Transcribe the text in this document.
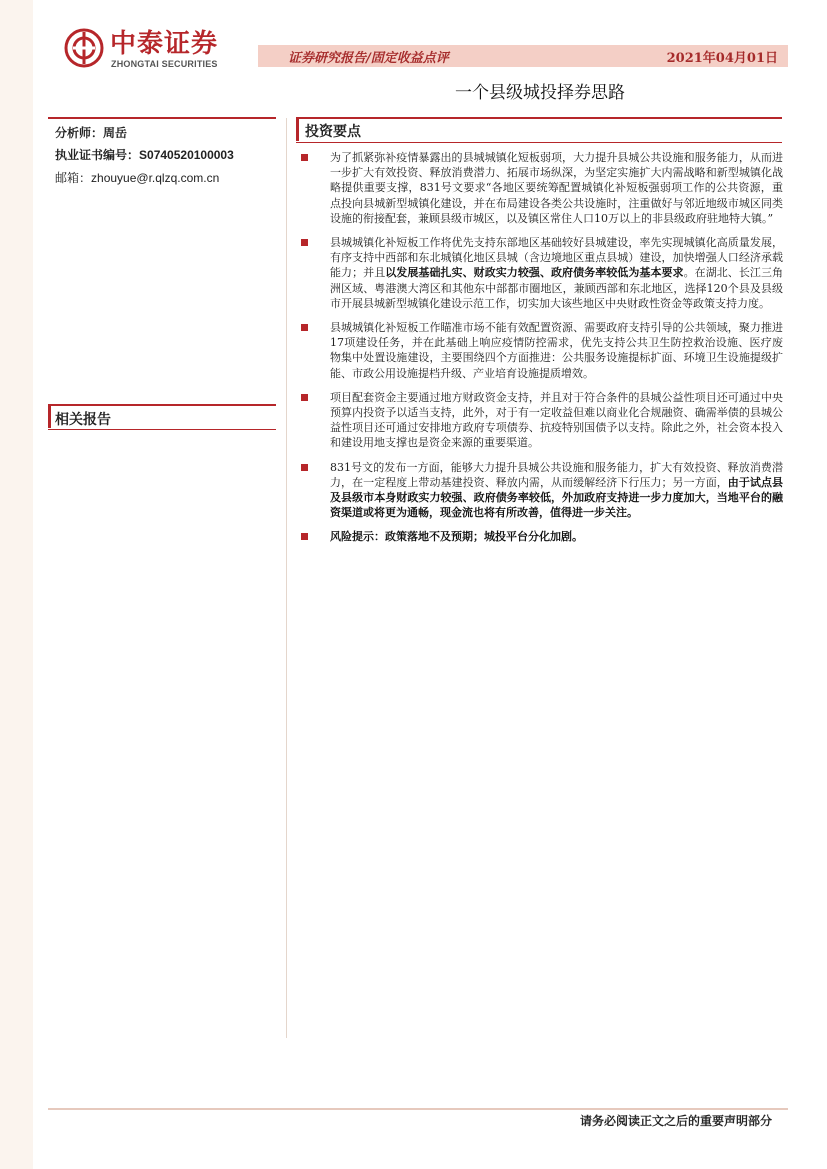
中泰证券
ZHONGTAI SECURITIES	证券研究报告/固定收益点评	2021年04月01日
一个县级城投择券思路
分析师：周岳
执业证书编号：S0740520100003
邮箱：zhouyue@r.qlzq.com.cn
投资要点
相关报告
为了抓紧弥补疫情暴露出的县城城镇化短板弱项，大力提升县城公共设施和服务能力，从而进一步扩大有效投资、释放消费潜力、拓展市场纵深，为坚定实施扩大内需战略和新型城镇化战略提供重要支撑，831号文要求“各地区要统筹配置城镇化补短板强弱项工作的公共资源，重点投向县城新型城镇化建设，并在布局建设各类公共设施时，注重做好与邻近地级市城区同类设施的衔接配套，兼顾县级市城区，以及镇区常住人口10万以上的非县级政府驻地特大镇。”
县城城镇化补短板工作将优先支持东部地区基础较好县城建设，率先实现城镇化高质量发展，有序支持中西部和东北城镇化地区县城（含边境地区重点县城）建设，加快增强人口经济承载能力；并且以发展基础扎实、财政实力较强、政府债务率较低为基本要求。在湖北、长江三角洲区域、粤港澳大湾区和其他东中部都市圈地区，兼顾西部和东北地区，选择120个县及县级市开展县城新型城镇化建设示范工作，切实加大该些地区中央财政性资金等政策支持力度。
县城城镇化补短板工作瞄准市场不能有效配置资源、需要政府支持引导的公共领域，聚力推进17项建设任务，并在此基础上响应疫情防控需求，优先支持公共卫生防控救治设施、医疗废物集中处置设施建设，主要围绕四个方面推进：公共服务设施提标扩面、环境卫生设施提级扩能、市政公用设施提档升级、产业培育设施提质增效。
项目配套资金主要通过地方财政资金支持，并且对于符合条件的县城公益性项目还可通过中央预算内投资予以适当支持，此外，对于有一定收益但难以商业化合规融资、确需举债的县城公益性项目还可通过安排地方政府专项债券、抗疫特别国债予以支持。除此之外，社会资本投入和建设用地支撑也是资金来源的重要渠道。
831号文的发布一方面，能够大力提升县城公共设施和服务能力，扩大有效投资、释放消费潜力，在一定程度上带动基建投资、释放内需，从而缓解经济下行压力；另一方面，由于试点县及县级市本身财政实力较强、政府债务率较低，外加政府支持进一步力度加大，当地平台的融资渠道或将更为通畅，现金流也将有所改善，值得进一步关注。
风险提示：政策落地不及预期；城投平台分化加剧。
请务必阅读正文之后的重要声明部分
